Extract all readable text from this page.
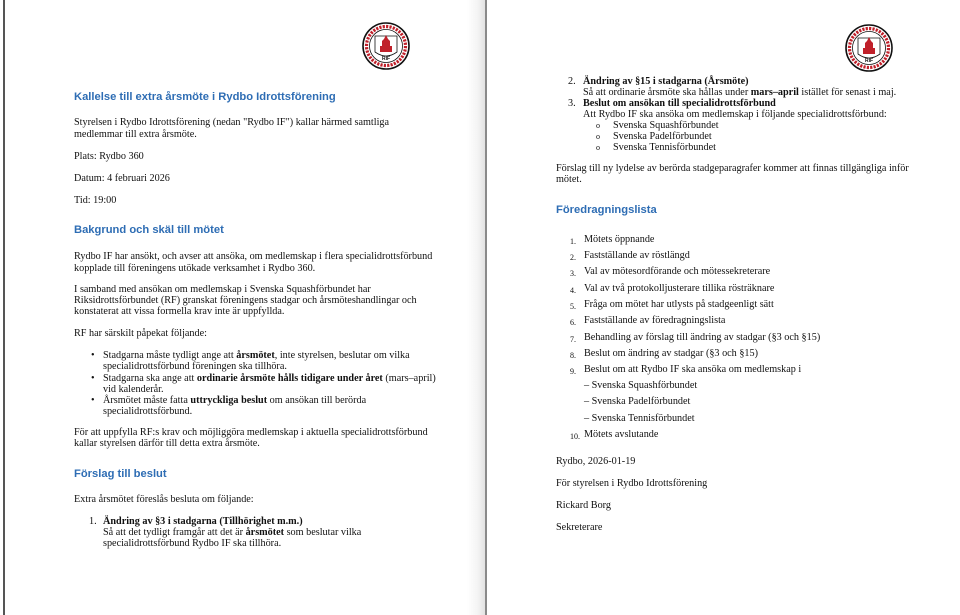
RIF
Kallelse till extra årsmöte i Rydbo Idrottsförening
Styrelsen i Rydbo Idrottsförening (nedan "Rydbo IF") kallar härmed samtliga
medlemmar till extra årsmöte.
Plats: Rydbo 360
Datum: 4 februari 2026
Tid: 19:00
Bakgrund och skäl till mötet
Rydbo IF har ansökt, och avser att ansöka, om medlemskap i flera specialidrottsförbund
kopplade till föreningens utökade verksamhet i Rydbo 360.
I samband med ansökan om medlemskap i Svenska Squashförbundet har
Riksidrottsförbundet (RF) granskat föreningens stadgar och årsmöteshandlingar och
konstaterat att vissa formella krav inte är uppfyllda.
RF har särskilt påpekat följande:
• Stadgarna måste tydligt ange att årsmötet, inte styrelsen, beslutar om vilka
specialidrottsförbund föreningen ska tillhöra.
• Stadgarna ska ange att ordinarie årsmöte hålls tidigare under året (mars–april)
vid kalenderår.
• Årsmötet måste fatta uttryckliga beslut om ansökan till berörda
specialidrottsförbund.
För att uppfylla RF:s krav och möjliggöra medlemskap i aktuella specialidrottsförbund
kallar styrelsen därför till detta extra årsmöte.
Förslag till beslut
Extra årsmötet föreslås besluta om följande:
1. Ändring av §3 i stadgarna (Tillhörighet m.m.)
Så att det tydligt framgår att det är årsmötet som beslutar vilka
specialidrottsförbund Rydbo IF ska tillhöra.
RIF
2. Ändring av §15 i stadgarna (Årsmöte)
Så att ordinarie årsmöte ska hållas under mars–april istället för senast i maj.
3. Beslut om ansökan till specialidrottsförbund
Att Rydbo IF ska ansöka om medlemskap i följande specialidrottsförbund:
o Svenska Squashförbundet
o Svenska Padelförbundet
o Svenska Tennisförbundet
Förslag till ny lydelse av berörda stadgeparagrafer kommer att finnas tillgängliga inför
mötet.
Föredragningslista
1. Mötets öppnande
2. Fastställande av röstlängd
3. Val av mötesordförande och mötessekreterare
4. Val av två protokolljusterare tillika rösträknare
5. Fråga om mötet har utlysts på stadgeenligt sätt
6. Fastställande av föredragningslista
7. Behandling av förslag till ändring av stadgar (§3 och §15)
8. Beslut om ändring av stadgar (§3 och §15)
9. Beslut om att Rydbo IF ska ansöka om medlemskap i
– Svenska Squashförbundet
– Svenska Padelförbundet
– Svenska Tennisförbundet
10. Mötets avslutande
Rydbo, 2026-01-19
För styrelsen i Rydbo Idrottsförening
Rickard Borg
Sekreterare
